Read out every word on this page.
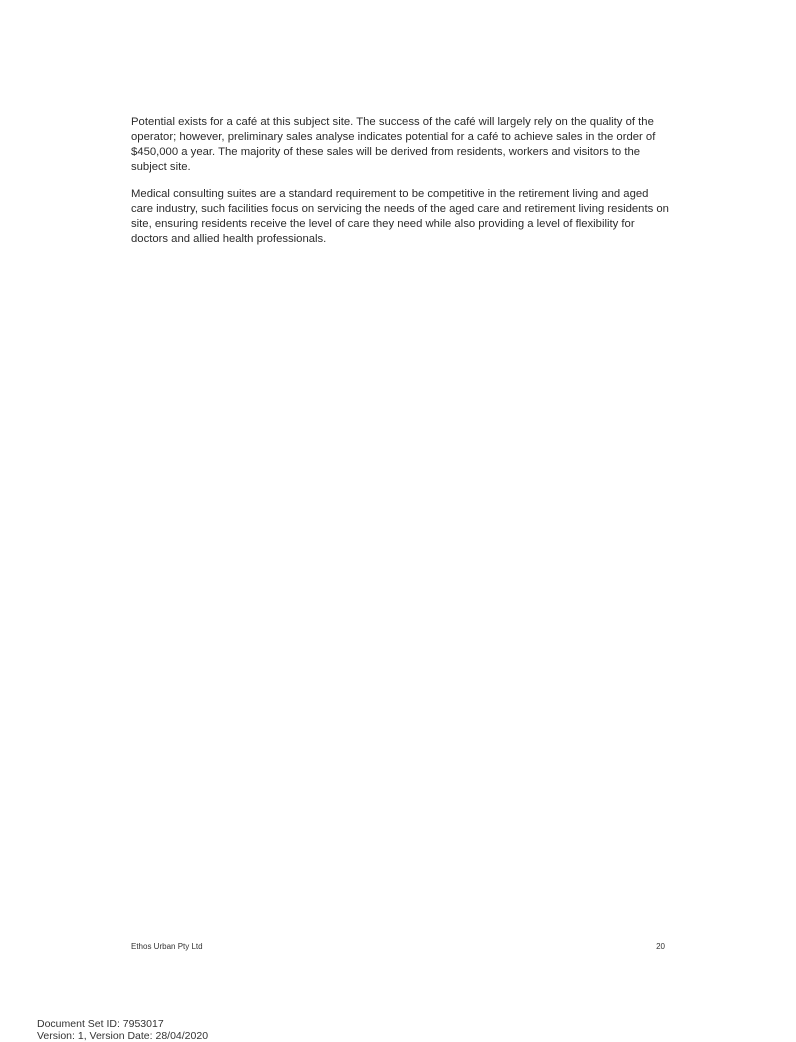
Potential exists for a café at this subject site. The success of the café will largely rely on the quality of the operator; however, preliminary sales analyse indicates potential for a café to achieve sales in the order of $450,000 a year. The majority of these sales will be derived from residents, workers and visitors to the subject site.

Medical consulting suites are a standard requirement to be competitive in the retirement living and aged care industry, such facilities focus on servicing the needs of the aged care and retirement living residents on site, ensuring residents receive the level of care they need while also providing a level of flexibility for doctors and allied health professionals.

Ethos Urban Pty Ltd	20
Document Set ID: 7953017
Version: 1, Version Date: 28/04/2020
